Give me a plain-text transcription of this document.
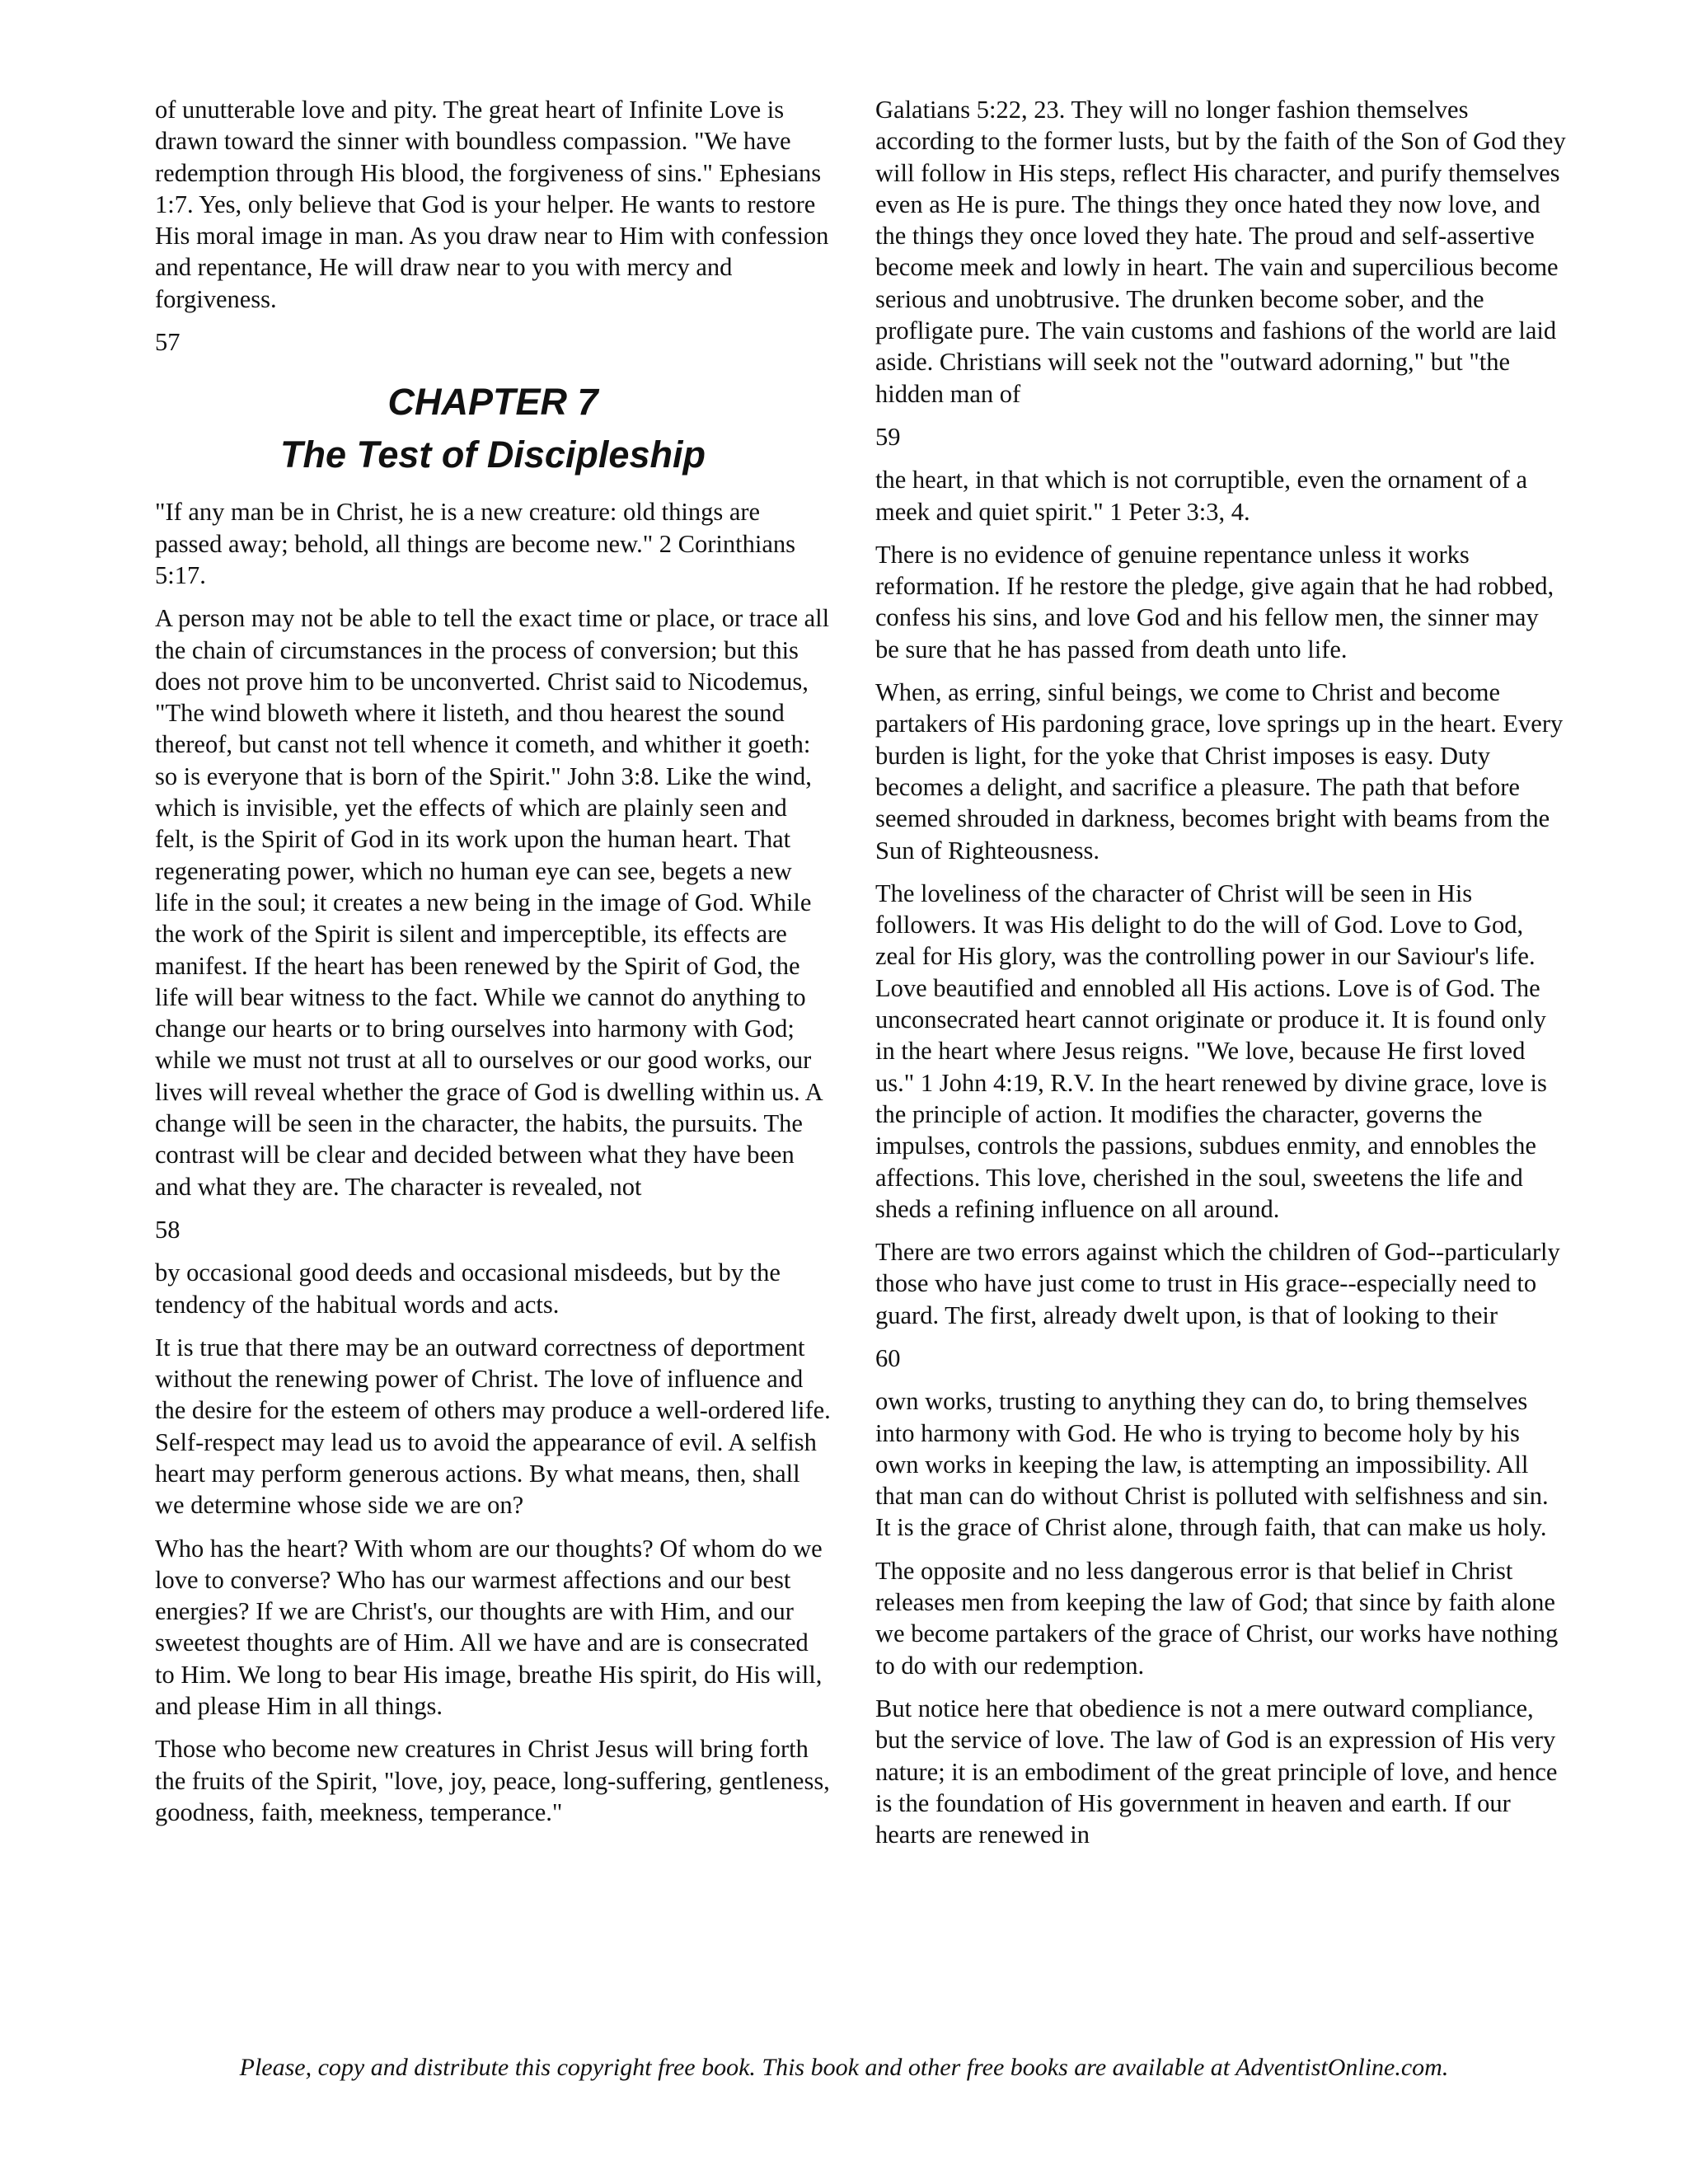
of unutterable love and pity. The great heart of Infinite Love is drawn toward the sinner with boundless compassion. "We have redemption through His blood, the forgiveness of sins." Ephesians 1:7. Yes, only believe that God is your helper. He wants to restore His moral image in man. As you draw near to Him with confession and repentance, He will draw near to you with mercy and forgiveness.

57

CHAPTER 7
The Test of Discipleship

"If any man be in Christ, he is a new creature: old things are passed away; behold, all things are become new." 2 Corinthians 5:17.

A person may not be able to tell the exact time or place, or trace all the chain of circumstances in the process of conversion; but this does not prove him to be unconverted. Christ said to Nicodemus, "The wind bloweth where it listeth, and thou hearest the sound thereof, but canst not tell whence it cometh, and whither it goeth: so is everyone that is born of the Spirit." John 3:8. Like the wind, which is invisible, yet the effects of which are plainly seen and felt, is the Spirit of God in its work upon the human heart. That regenerating power, which no human eye can see, begets a new life in the soul; it creates a new being in the image of God. While the work of the Spirit is silent and imperceptible, its effects are manifest. If the heart has been renewed by the Spirit of God, the life will bear witness to the fact. While we cannot do anything to change our hearts or to bring ourselves into harmony with God; while we must not trust at all to ourselves or our good works, our lives will reveal whether the grace of God is dwelling within us. A change will be seen in the character, the habits, the pursuits. The contrast will be clear and decided between what they have been and what they are. The character is revealed, not

58

by occasional good deeds and occasional misdeeds, but by the tendency of the habitual words and acts.

It is true that there may be an outward correctness of deportment without the renewing power of Christ. The love of influence and the desire for the esteem of others may produce a well-ordered life. Self-respect may lead us to avoid the appearance of evil. A selfish heart may perform generous actions. By what means, then, shall we determine whose side we are on?

Who has the heart? With whom are our thoughts? Of whom do we love to converse? Who has our warmest affections and our best energies? If we are Christ's, our thoughts are with Him, and our sweetest thoughts are of Him. All we have and are is consecrated to Him. We long to bear His image, breathe His spirit, do His will, and please Him in all things.

Those who become new creatures in Christ Jesus will bring forth the fruits of the Spirit, "love, joy, peace, long-suffering, gentleness, goodness, faith, meekness, temperance."

Galatians 5:22, 23. They will no longer fashion themselves according to the former lusts, but by the faith of the Son of God they will follow in His steps, reflect His character, and purify themselves even as He is pure. The things they once hated they now love, and the things they once loved they hate. The proud and self-assertive become meek and lowly in heart. The vain and supercilious become serious and unobtrusive. The drunken become sober, and the profligate pure. The vain customs and fashions of the world are laid aside. Christians will seek not the "outward adorning," but "the hidden man of

59

the heart, in that which is not corruptible, even the ornament of a meek and quiet spirit." 1 Peter 3:3, 4.

There is no evidence of genuine repentance unless it works reformation. If he restore the pledge, give again that he had robbed, confess his sins, and love God and his fellow men, the sinner may be sure that he has passed from death unto life.

When, as erring, sinful beings, we come to Christ and become partakers of His pardoning grace, love springs up in the heart. Every burden is light, for the yoke that Christ imposes is easy. Duty becomes a delight, and sacrifice a pleasure. The path that before seemed shrouded in darkness, becomes bright with beams from the Sun of Righteousness.

The loveliness of the character of Christ will be seen in His followers. It was His delight to do the will of God. Love to God, zeal for His glory, was the controlling power in our Saviour's life. Love beautified and ennobled all His actions. Love is of God. The unconsecrated heart cannot originate or produce it. It is found only in the heart where Jesus reigns. "We love, because He first loved us." 1 John 4:19, R.V. In the heart renewed by divine grace, love is the principle of action. It modifies the character, governs the impulses, controls the passions, subdues enmity, and ennobles the affections. This love, cherished in the soul, sweetens the life and sheds a refining influence on all around.

There are two errors against which the children of God--particularly those who have just come to trust in His grace--especially need to guard. The first, already dwelt upon, is that of looking to their

60

own works, trusting to anything they can do, to bring themselves into harmony with God. He who is trying to become holy by his own works in keeping the law, is attempting an impossibility. All that man can do without Christ is polluted with selfishness and sin. It is the grace of Christ alone, through faith, that can make us holy.

The opposite and no less dangerous error is that belief in Christ releases men from keeping the law of God; that since by faith alone we become partakers of the grace of Christ, our works have nothing to do with our redemption.

But notice here that obedience is not a mere outward compliance, but the service of love. The law of God is an expression of His very nature; it is an embodiment of the great principle of love, and hence is the foundation of His government in heaven and earth. If our hearts are renewed in

Please, copy and distribute this copyright free book. This book and other free books are available at AdventistOnline.com.
